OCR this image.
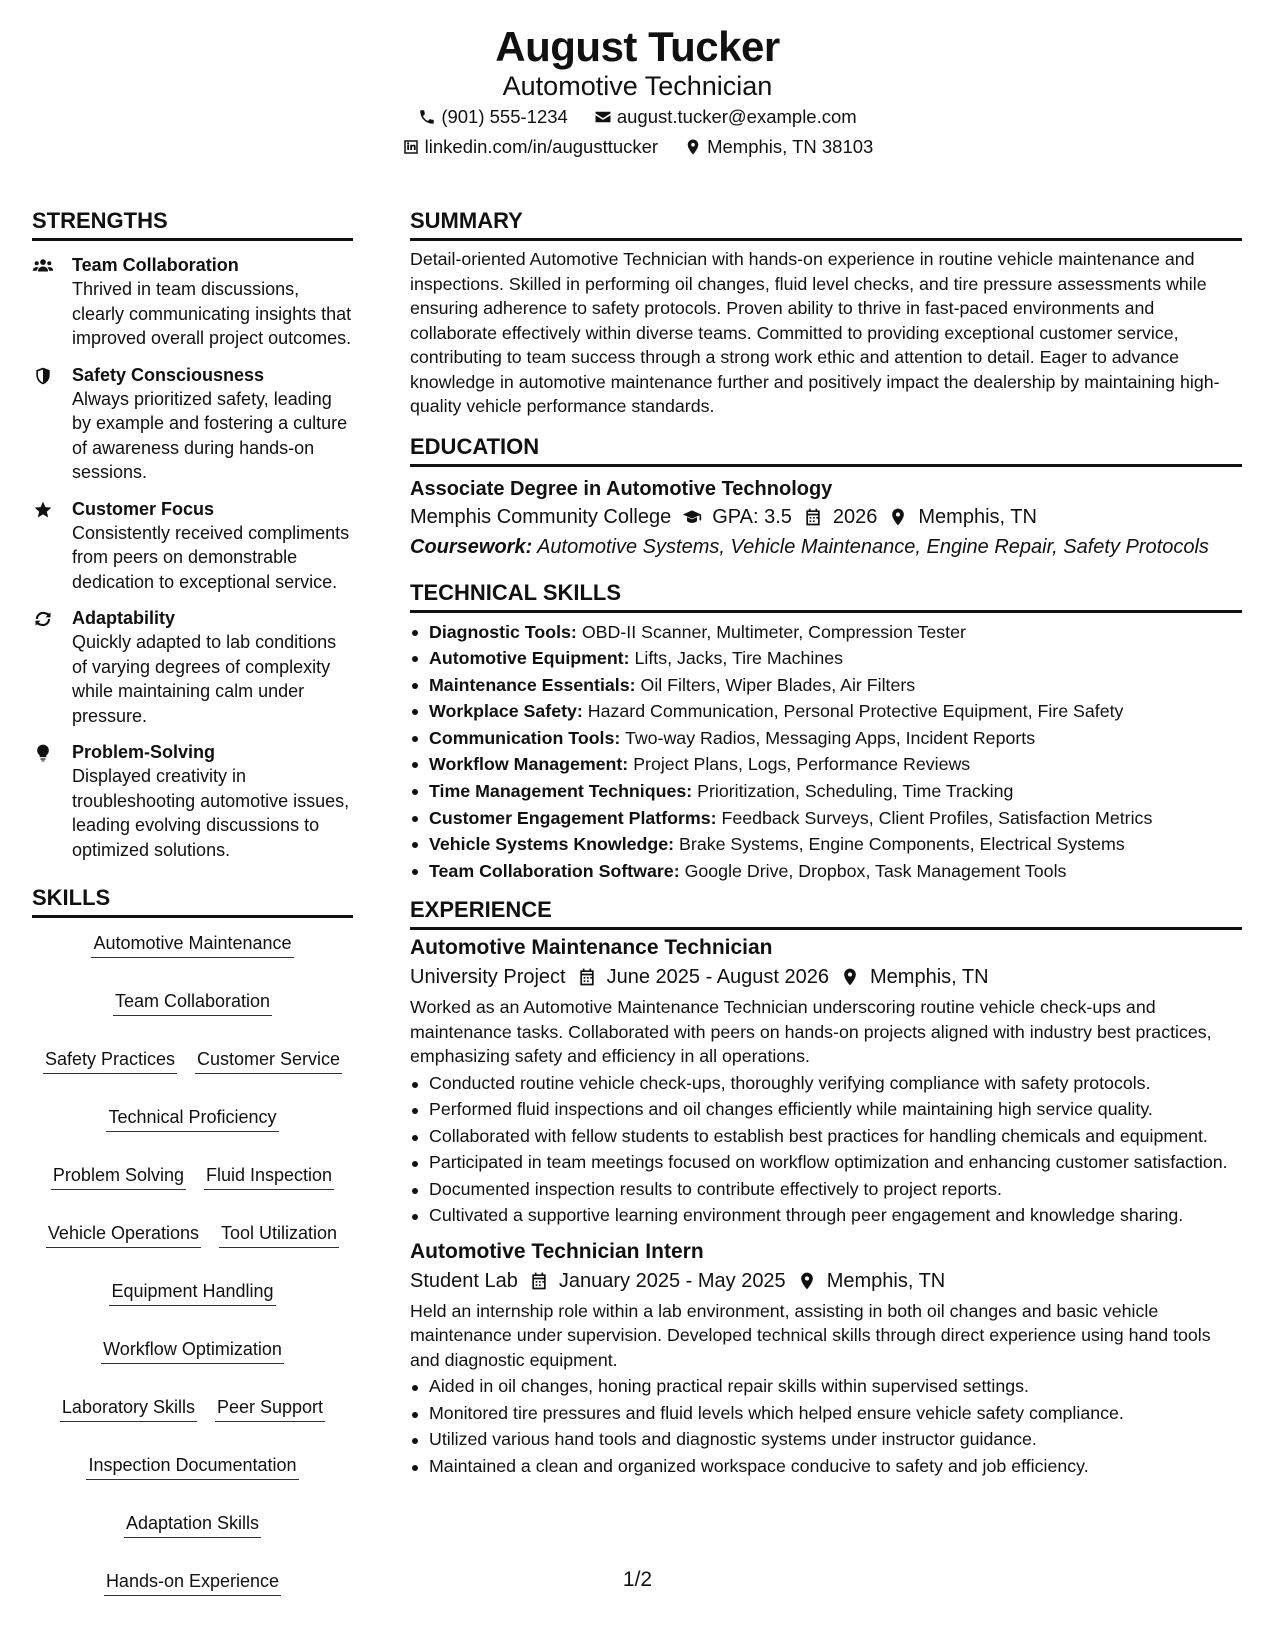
August Tucker
Automotive Technician
(901) 555-1234	august.tucker@example.com
linkedin.com/in/augusttucker	Memphis, TN 38103
STRENGTHS
Team Collaboration
Thrived in team discussions, clearly communicating insights that improved overall project outcomes.
Safety Consciousness
Always prioritized safety, leading by example and fostering a culture of awareness during hands-on sessions.
Customer Focus
Consistently received compliments from peers on demonstrable dedication to exceptional service.
Adaptability
Quickly adapted to lab conditions of varying degrees of complexity while maintaining calm under pressure.
Problem-Solving
Displayed creativity in troubleshooting automotive issues, leading evolving discussions to optimized solutions.
SKILLS
Automotive Maintenance
Team Collaboration
Safety Practices Customer Service
Technical Proficiency
Problem Solving Fluid Inspection
Vehicle Operations Tool Utilization
Equipment Handling
Workflow Optimization
Laboratory Skills Peer Support
Inspection Documentation
Adaptation Skills
Hands-on Experience
SUMMARY
Detail-oriented Automotive Technician with hands-on experience in routine vehicle maintenance and inspections. Skilled in performing oil changes, fluid level checks, and tire pressure assessments while ensuring adherence to safety protocols. Proven ability to thrive in fast-paced environments and collaborate effectively within diverse teams. Committed to providing exceptional customer service, contributing to team success through a strong work ethic and attention to detail. Eager to advance knowledge in automotive maintenance further and positively impact the dealership by maintaining high-quality vehicle performance standards.
EDUCATION
Associate Degree in Automotive Technology
Memphis Community College GPA: 3.5 2026 Memphis, TN
Coursework: Automotive Systems, Vehicle Maintenance, Engine Repair, Safety Protocols
TECHNICAL SKILLS
Diagnostic Tools: OBD-II Scanner, Multimeter, Compression Tester
Automotive Equipment: Lifts, Jacks, Tire Machines
Maintenance Essentials: Oil Filters, Wiper Blades, Air Filters
Workplace Safety: Hazard Communication, Personal Protective Equipment, Fire Safety
Communication Tools: Two-way Radios, Messaging Apps, Incident Reports
Workflow Management: Project Plans, Logs, Performance Reviews
Time Management Techniques: Prioritization, Scheduling, Time Tracking
Customer Engagement Platforms: Feedback Surveys, Client Profiles, Satisfaction Metrics
Vehicle Systems Knowledge: Brake Systems, Engine Components, Electrical Systems
Team Collaboration Software: Google Drive, Dropbox, Task Management Tools
EXPERIENCE
Automotive Maintenance Technician
University Project June 2025 - August 2026 Memphis, TN
Worked as an Automotive Maintenance Technician underscoring routine vehicle check-ups and maintenance tasks. Collaborated with peers on hands-on projects aligned with industry best practices, emphasizing safety and efficiency in all operations.
Conducted routine vehicle check-ups, thoroughly verifying compliance with safety protocols.
Performed fluid inspections and oil changes efficiently while maintaining high service quality.
Collaborated with fellow students to establish best practices for handling chemicals and equipment.
Participated in team meetings focused on workflow optimization and enhancing customer satisfaction.
Documented inspection results to contribute effectively to project reports.
Cultivated a supportive learning environment through peer engagement and knowledge sharing.
Automotive Technician Intern
Student Lab January 2025 - May 2025 Memphis, TN
Held an internship role within a lab environment, assisting in both oil changes and basic vehicle maintenance under supervision. Developed technical skills through direct experience using hand tools and diagnostic equipment.
Aided in oil changes, honing practical repair skills within supervised settings.
Monitored tire pressures and fluid levels which helped ensure vehicle safety compliance.
Utilized various hand tools and diagnostic systems under instructor guidance.
Maintained a clean and organized workspace conducive to safety and job efficiency.
1/2
